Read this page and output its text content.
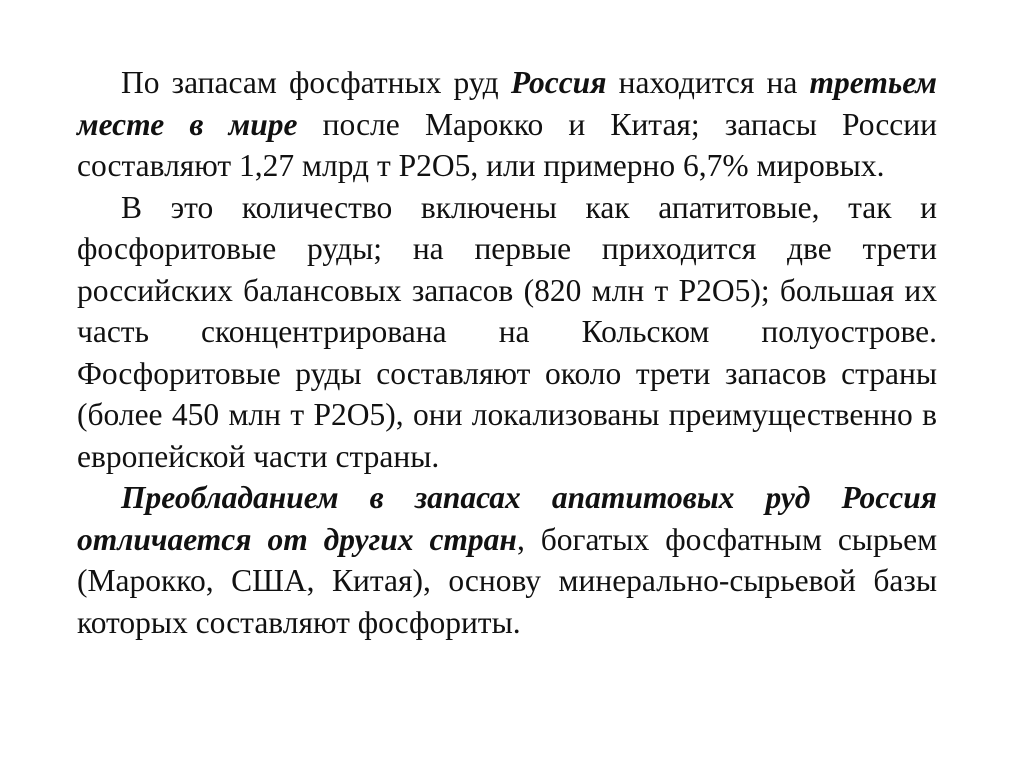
По запасам фосфатных руд Россия находится на третьем месте в мире после Марокко и Китая; запасы России составляют 1,27 млрд т Р2О5, или примерно 6,7% мировых.

В это количество включены как апатитовые, так и фосфоритовые руды; на первые приходится две трети российских балансовых запасов (820 млн т Р2О5); большая их часть сконцентрирована на Кольском полуострове. Фосфоритовые руды составляют около трети запасов страны (более 450 млн т Р2О5), они локализованы преимущественно в европейской части страны.

Преобладанием в запасах апатитовых руд Россия отличается от других стран, богатых фосфатным сырьем (Марокко, США, Китая), основу минерально-сырьевой базы которых составляют фосфориты.
